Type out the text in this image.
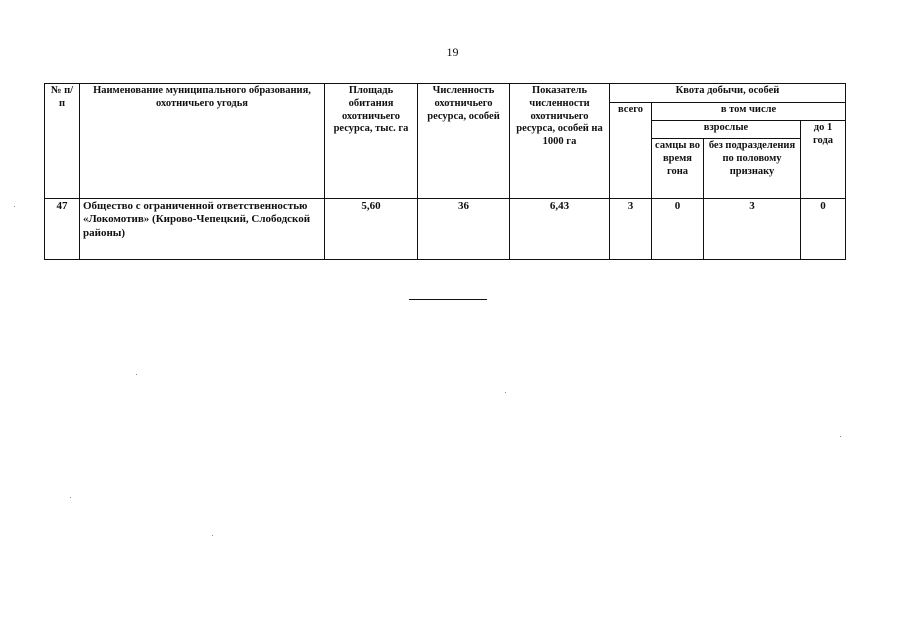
19
№ п/п	Наименование муниципального образования, охотничьего угодья	Площадь обитания охотничьего ресурса, тыс. га	Численность охотничьего ресурса, особей	Показатель численности охотничьего ресурса, особей на 1000 га	Квота добычи, особей			
					всего	в том числе		
						взрослые		до 1 года
						самцы во время гона	без подразделения по половому признаку	
47	Общество с ограниченной ответственностью «Локомотив» (Кирово-Чепецкий, Слободской районы)	5,60	36	6,43	3	0	3	0
